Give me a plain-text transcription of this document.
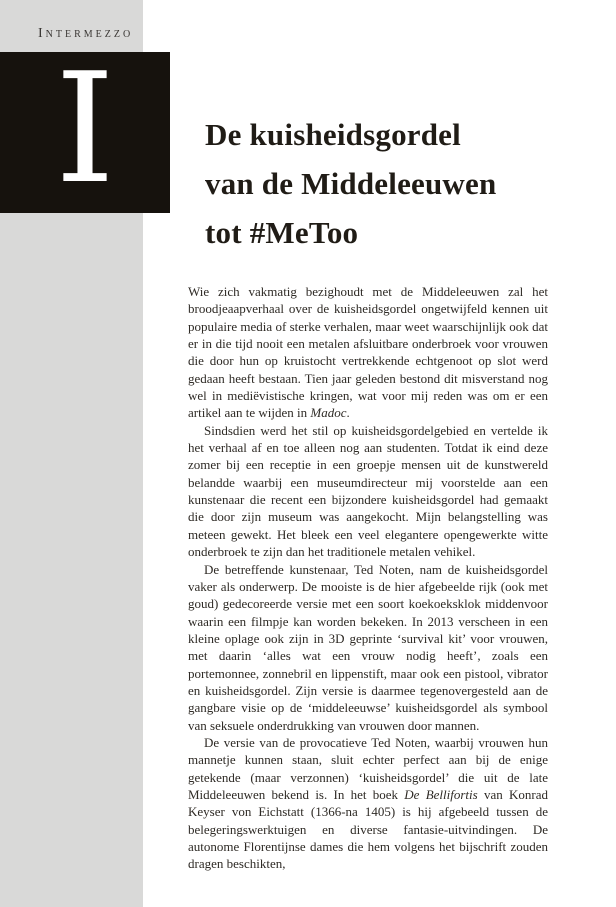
Intermezzo
I	De kuisheidsgordel
van de Middeleeuwen
tot #MeToo

Wie zich vakmatig bezighoudt met de Middeleeuwen zal het broodjeaapverhaal over de kuisheidsgordel ongetwijfeld kennen uit populaire media of sterke verhalen, maar weet waarschijnlijk ook dat er in die tijd nooit een metalen afsluitbare onderbroek voor vrouwen die door hun op kruistocht vertrekkende echtgenoot op slot werd gedaan heeft bestaan. Tien jaar geleden bestond dit misverstand nog wel in mediëvistische kringen, wat voor mij reden was om er een artikel aan te wijden in Madoc.

Sindsdien werd het stil op kuisheidsgordelgebied en vertelde ik het verhaal af en toe alleen nog aan studenten. Totdat ik eind deze zomer bij een receptie in een groepje mensen uit de kunstwereld belandde waarbij een museumdirecteur mij voorstelde aan een kunstenaar die recent een bijzondere kuisheidsgordel had gemaakt die door zijn museum was aangekocht. Mijn belangstelling was meteen gewekt. Het bleek een veel elegantere opengewerkte witte onderbroek te zijn dan het traditionele metalen vehikel.

De betreffende kunstenaar, Ted Noten, nam de kuisheidsgordel vaker als onderwerp. De mooiste is de hier afgebeelde rijk (ook met goud) gedecoreerde versie met een soort koekoeksklok middenvoor waarin een filmpje kan worden bekeken. In 2013 verscheen in een kleine oplage ook zijn in 3D geprinte ‘survival kit’ voor vrouwen, met daarin ‘alles wat een vrouw nodig heeft’, zoals een portemonnee, zonnebril en lippenstift, maar ook een pistool, vibrator en kuisheidsgordel. Zijn versie is daarmee tegenovergesteld aan de gangbare visie op de ‘middeleeuwse’ kuisheidsgordel als symbool van seksuele onderdrukking van vrouwen door mannen.

De versie van de provocatieve Ted Noten, waarbij vrouwen hun mannetje kunnen staan, sluit echter perfect aan bij de enige getekende (maar verzonnen) ‘kuisheidsgordel’ die uit de late Middeleeuwen bekend is. In het boek De Bellifortis van Konrad Keyser von Eichstatt (1366-na 1405) is hij afgebeeld tussen de belegeringswerktuigen en diverse fantasie-uitvindingen. De autonome Florentijnse dames die hem volgens het bijschrift zouden dragen beschikten,
